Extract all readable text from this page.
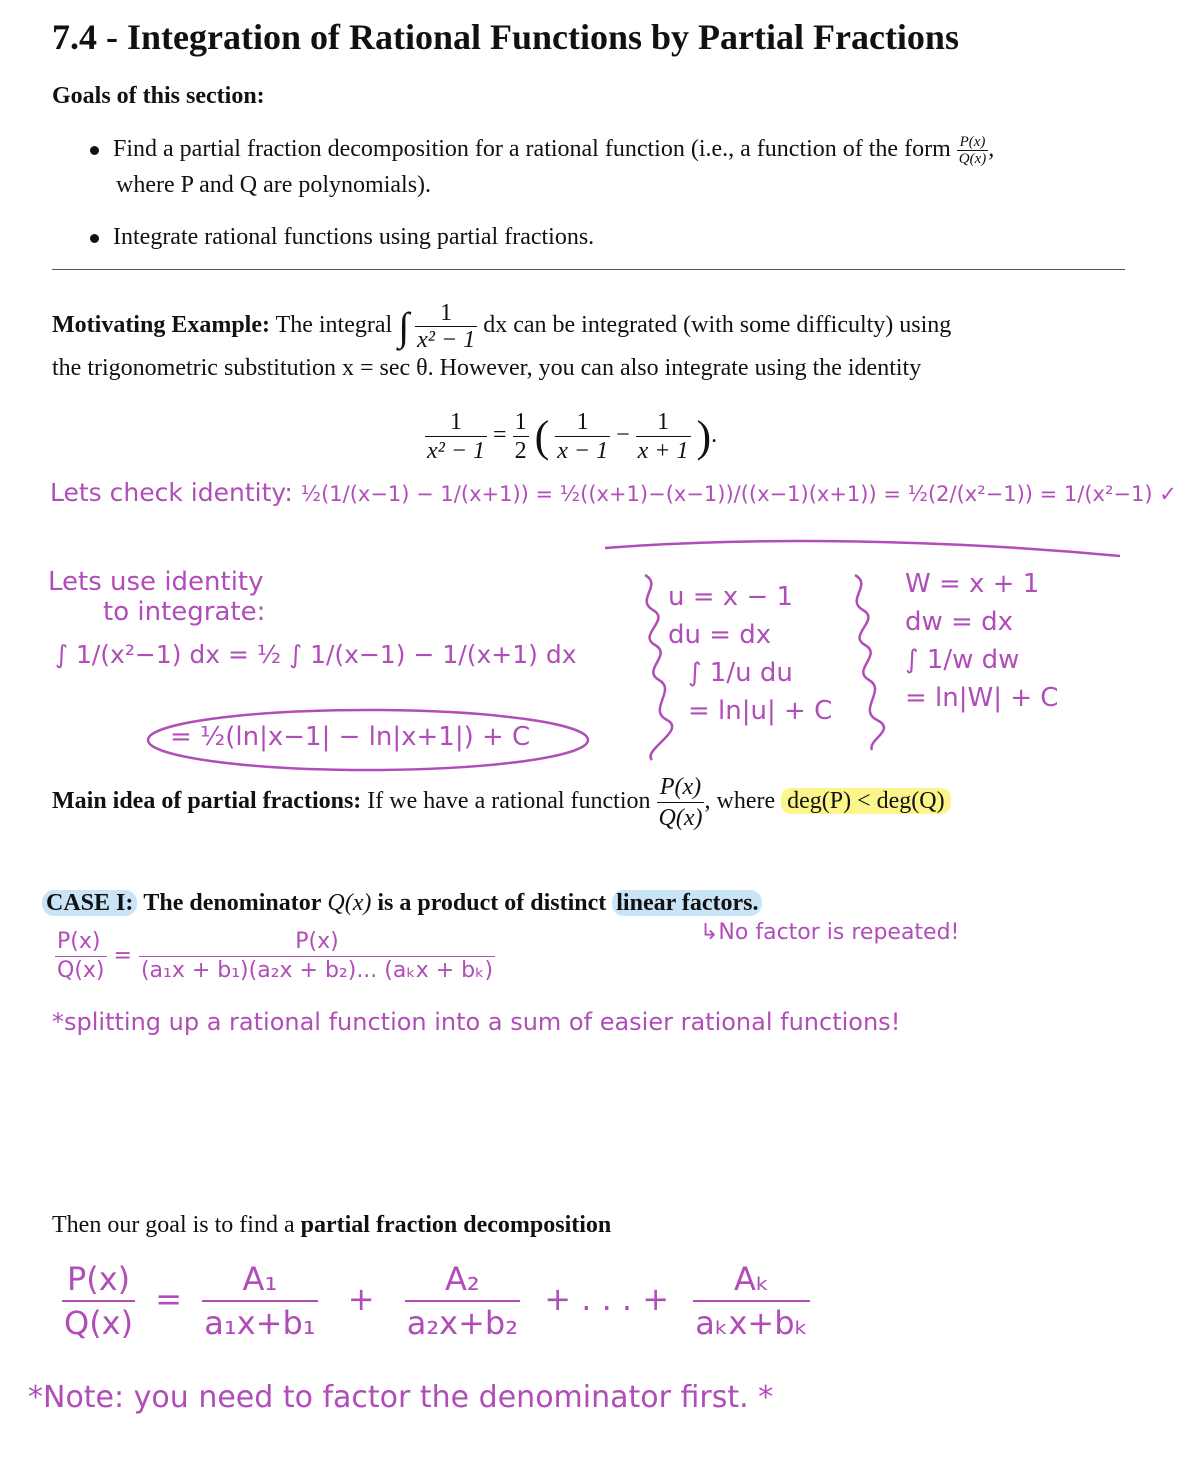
7.4 - Integration of Rational Functions by Partial Fractions
Goals of this section:
Find a partial fraction decomposition for a rational function (i.e., a function of the form $\frac{P(x)}{Q(x)}$ ,
where P and Q are polynomials).
Integrate rational functions using partial fractions.
Motivating Example: The integral ∫ $\frac{1}{\text{x² − 1}}$ dx can be integrated (with some difficulty) using
the trigonometric substitution x = sec θ. However, you can also integrate using the identity
$\frac{1}{\text{x² − 1}} = \frac{1}{2}$ ( $\frac{1}{x - 1} - \frac{1}{x + 1}$ ).
Lets check identity: ½(1/(x−1) − 1/(x+1)) = ½((x+1)−(x−1))/((x−1)(x+1)) = ½(2/(x²−1)) = 1/(x²−1) ✓
Lets use identity
to integrate:
∫ 1/(x²−1) dx = ½ ∫ 1/(x−1) − 1/(x+1) dx
= ½(ln|x−1| − ln|x+1|) + C
u = x − 1
du = dx
∫ 1/u du
= ln|u| + C
W = x + 1
dw = dx
∫ 1/w dw
= ln|W| + C
Main idea of partial fractions: If we have a rational function $\frac{P(x)}{Q(x)}$ , where deg(P) < deg(Q)
CASE I: The denominator Q(x) is a product of distinct linear factors.
$\frac{P(x)}{Q(x)} = \frac{P(x)}{\text{(a₁x + b₁)(a₂x + b₂)... (aₖx + bₖ)}}$	↳No factor is repeated!
*splitting up a rational function into a sum of easier rational functions!
Then our goal is to find a partial fraction decomposition
$\frac{P(x)}{Q(x)} = \frac{\text{A₁}}{\text{a₁x+b₁}} + \frac{\text{A₂}}{\text{a₂x+b₂}}$ + . . . + $\frac{\text{Aₖ}}{\text{aₖx+bₖ}}$
*Note: you need to factor the denominator first. *
